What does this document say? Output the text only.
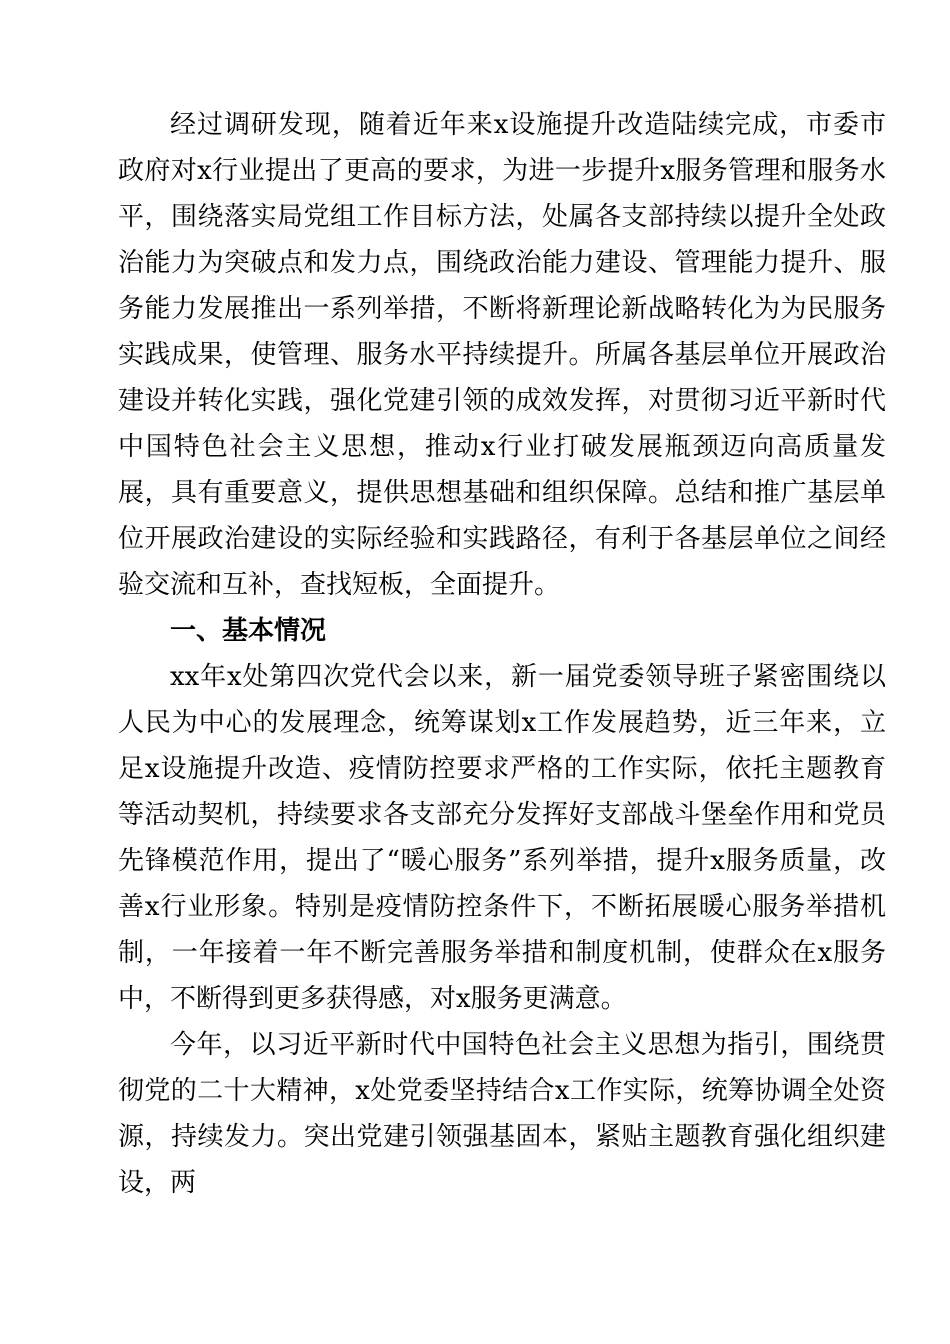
经过调研发现，随着近年来x设施提升改造陆续完成，市委市政府对x行业提出了更高的要求，为进一步提升x服务管理和服务水平，围绕落实局党组工作目标方法，处属各支部持续以提升全处政治能力为突破点和发力点，围绕政治能力建设、管理能力提升、服务能力发展推出一系列举措，不断将新理论新战略转化为为民服务实践成果，使管理、服务水平持续提升。所属各基层单位开展政治建设并转化实践，强化党建引领的成效发挥，对贯彻习近平新时代中国特色社会主义思想，推动x行业打破发展瓶颈迈向高质量发展，具有重要意义，提供思想基础和组织保障。总结和推广基层单位开展政治建设的实际经验和实践路径，有利于各基层单位之间经验交流和互补，查找短板，全面提升。

一、基本情况

xx年x处第四次党代会以来，新一届党委领导班子紧密围绕以人民为中心的发展理念，统筹谋划x工作发展趋势，近三年来，立足x设施提升改造、疫情防控要求严格的工作实际，依托主题教育等活动契机，持续要求各支部充分发挥好支部战斗堡垒作用和党员先锋模范作用，提出了“暖心服务”系列举措，提升x服务质量，改善x行业形象。特别是疫情防控条件下，不断拓展暖心服务举措机制，一年接着一年不断完善服务举措和制度机制，使群众在x服务中，不断得到更多获得感，对x服务更满意。

今年，以习近平新时代中国特色社会主义思想为指引，围绕贯彻党的二十大精神，x处党委坚持结合x工作实际，统筹协调全处资源，持续发力。突出党建引领强基固本，紧贴主题教育强化组织建设，两
